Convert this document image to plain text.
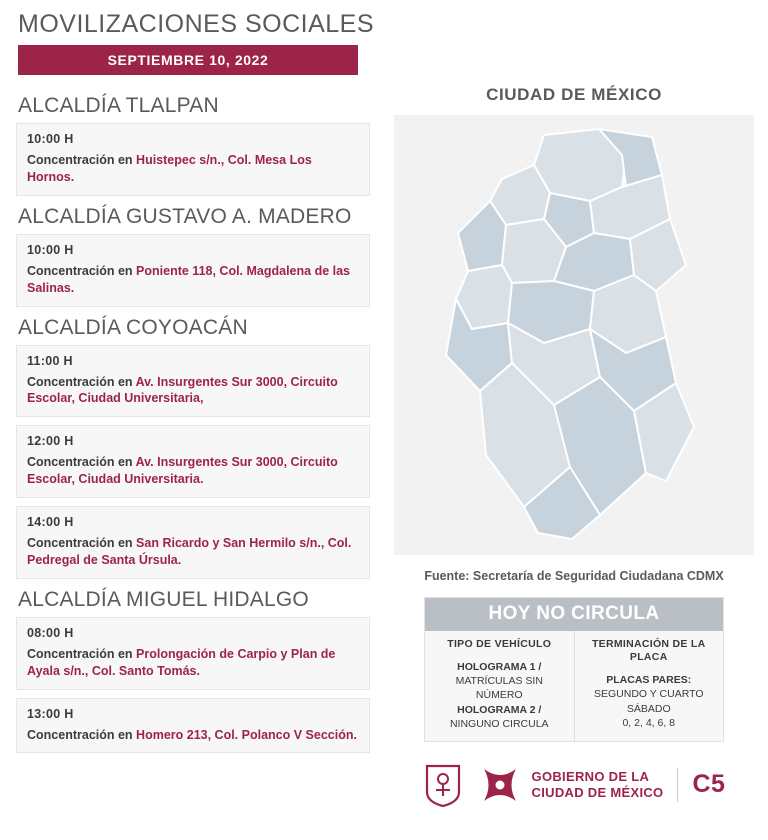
MOVILIZACIONES SOCIALES
SEPTIEMBRE 10, 2022
ALCALDÍA TLALPAN
10:00 H
Concentración en Huistepec s/n., Col. Mesa Los Hornos.
ALCALDÍA GUSTAVO A. MADERO
10:00 H
Concentración en Poniente 118, Col. Magdalena de las Salinas.
ALCALDÍA COYOACÁN
11:00 H
Concentración en Av. Insurgentes Sur 3000, Circuito Escolar, Ciudad Universitaria,
12:00 H
Concentración en Av. Insurgentes Sur 3000, Circuito Escolar, Ciudad Universitaria.
14:00 H
Concentración en San Ricardo y San Hermilo s/n., Col. Pedregal de Santa Úrsula.
ALCALDÍA MIGUEL HIDALGO
08:00 H
Concentración en Prolongación de Carpio y Plan de Ayala s/n., Col. Santo Tomás.
13:00 H
Concentración en Homero 213, Col. Polanco V Sección.
CIUDAD DE MÉXICO
Fuente: Secretaría de Seguridad Ciudadana CDMX
HOY NO CIRCULA
TIPO DE VEHÍCULO
HOLOGRAMA 1 / MATRÍCULAS SIN NÚMERO
HOLOGRAMA 2 / NINGUNO CIRCULA
TERMINACIÓN DE LA PLACA
PLACAS PARES: SEGUNDO Y CUARTO SÁBADO
0, 2, 4, 6, 8
GOBIERNO DE LA
CIUDAD DE MÉXICO C5
